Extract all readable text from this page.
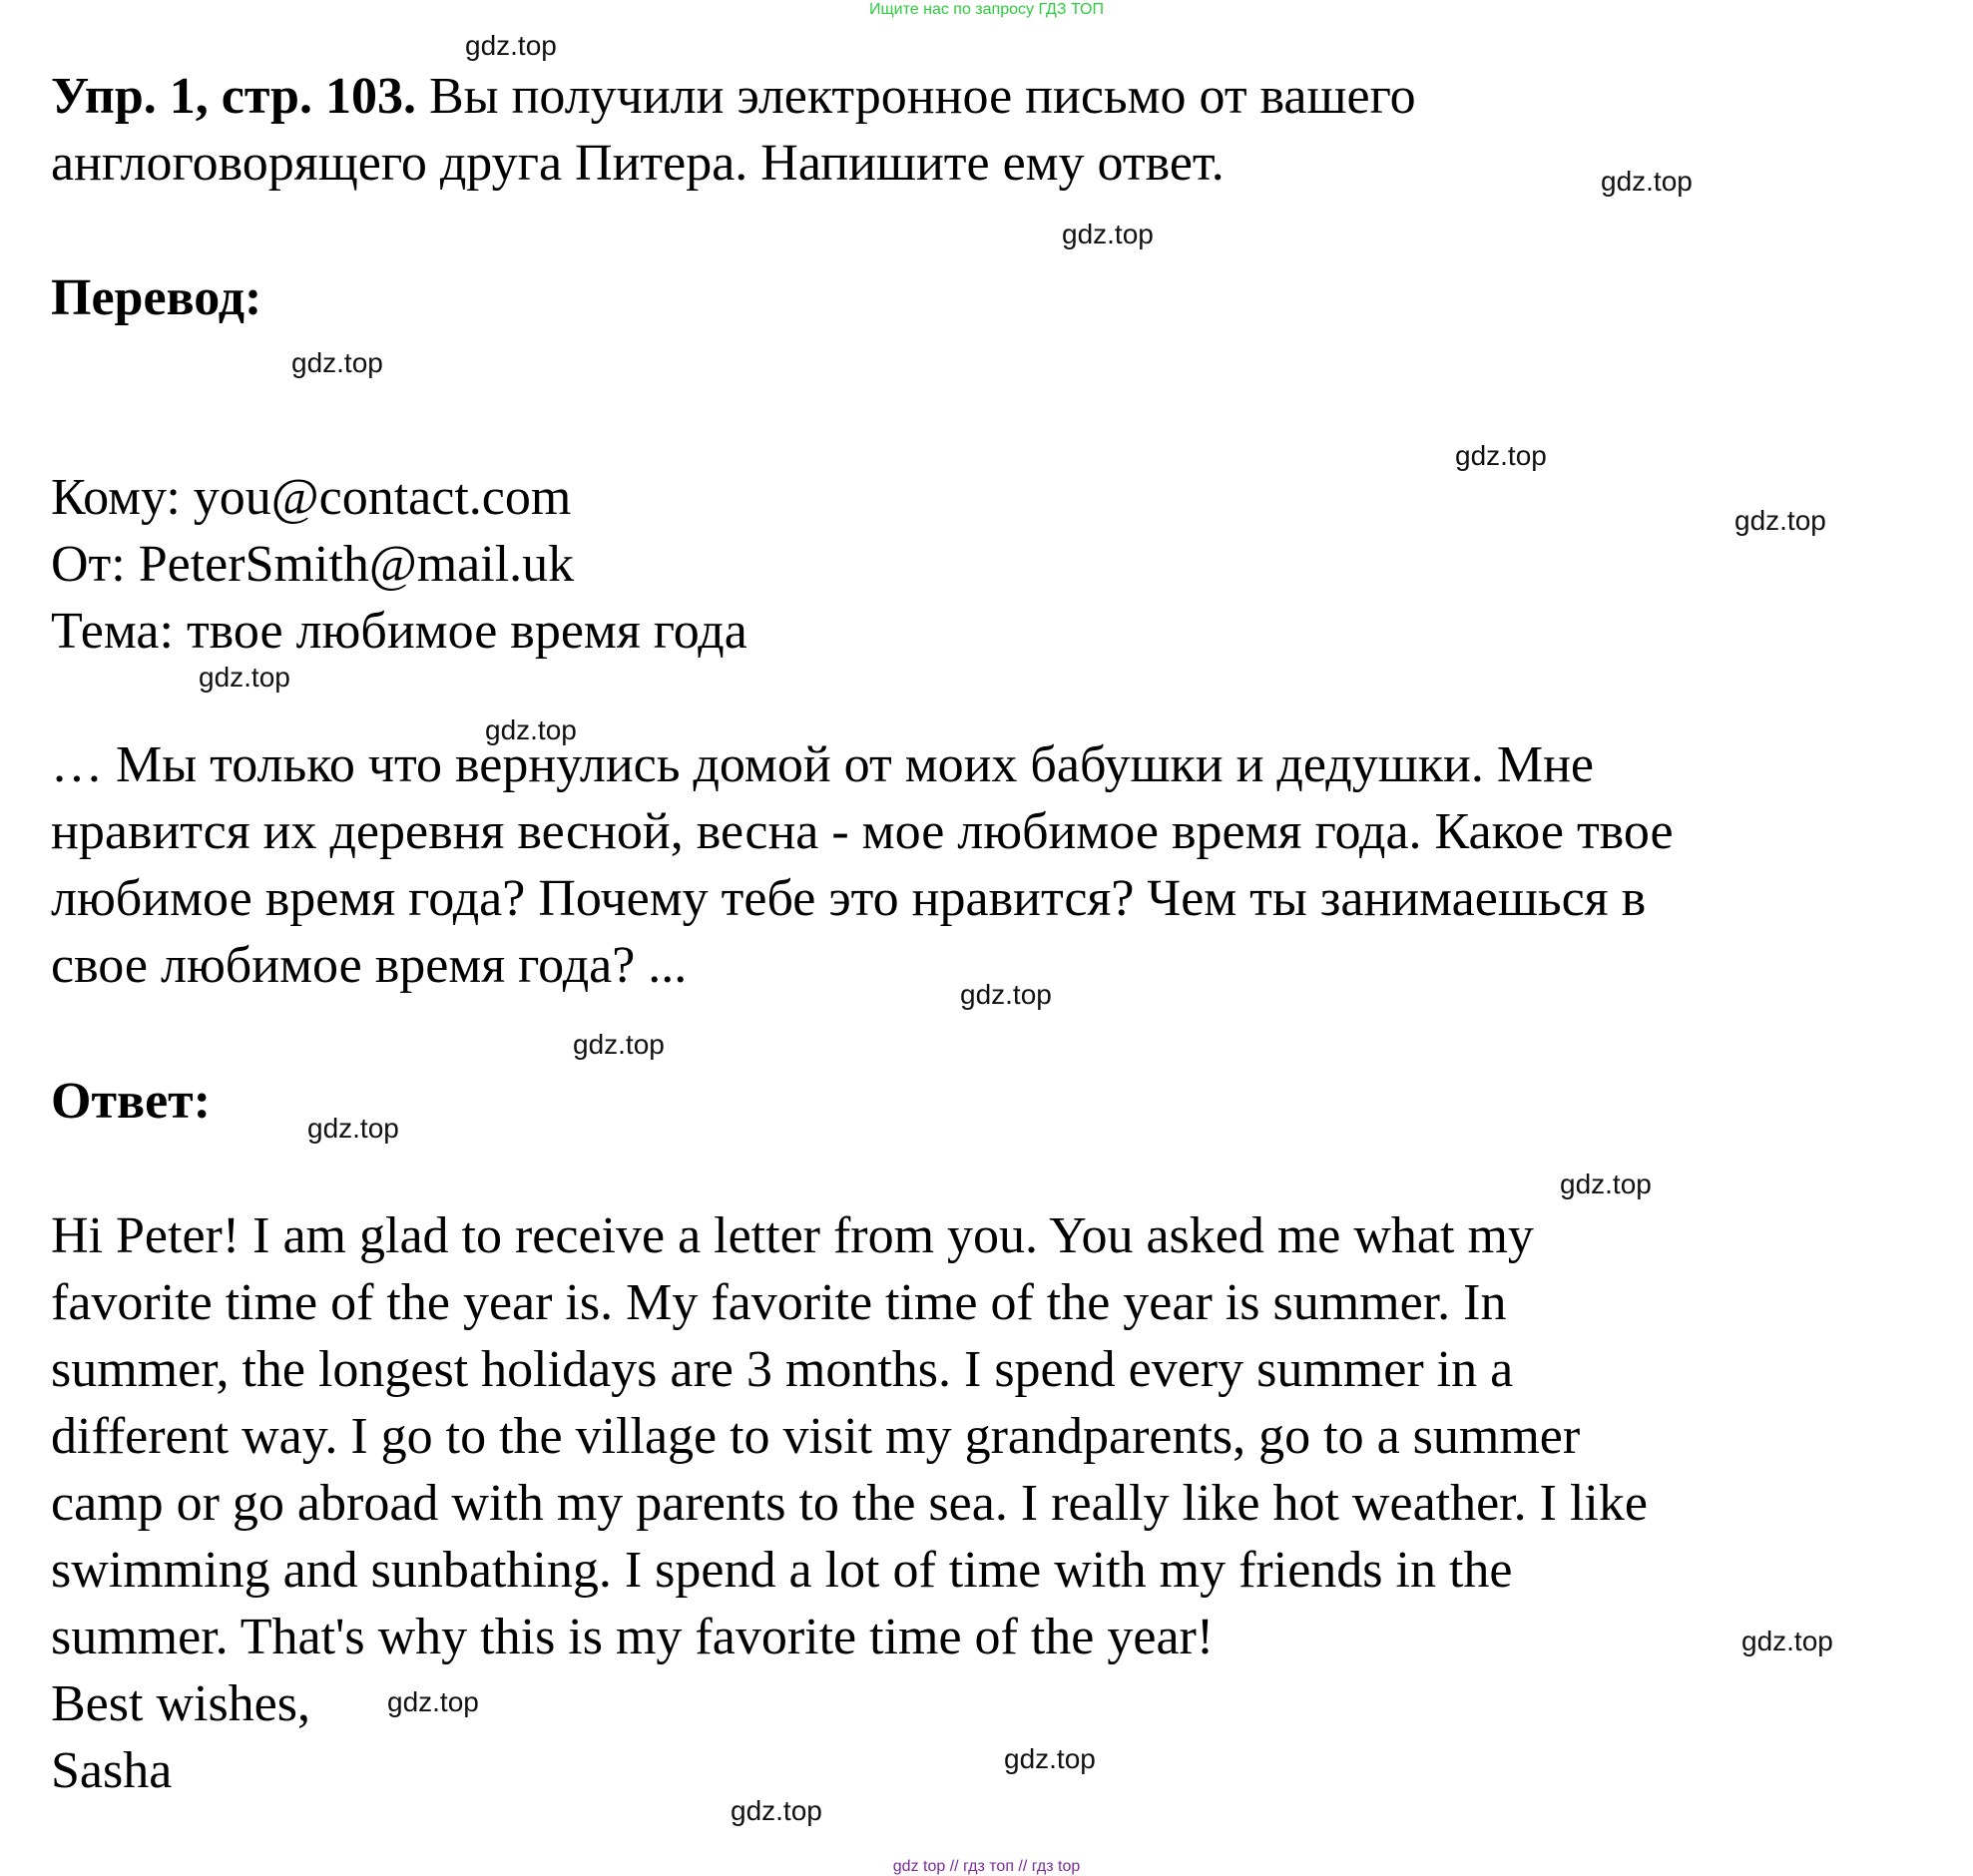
Ищите нас по запросу ГДЗ ТОП
Упр. 1, стр. 103. Вы получили электронное письмо от вашего
англоговорящего друга Питера. Напишите ему ответ.
Перевод:
Кому: you@contact.com
От: PeterSmith@mail.uk
Тема: твое любимое время года
… Мы только что вернулись домой от моих бабушки и дедушки. Мне
нравится их деревня весной, весна - мое любимое время года. Какое твое
любимое время года? Почему тебе это нравится? Чем ты занимаешься в
свое любимое время года? ...
Ответ:
Hi Peter! I am glad to receive a letter from you. You asked me what my
favorite time of the year is. My favorite time of the year is summer. In
summer, the longest holidays are 3 months. I spend every summer in a
different way. I go to the village to visit my grandparents, go to a summer
camp or go abroad with my parents to the sea. I really like hot weather. I like
swimming and sunbathing. I spend a lot of time with my friends in the
summer. That's why this is my favorite time of the year!
Best wishes,
Sasha
gdz.top
gdz.top
gdz.top
gdz.top
gdz.top
gdz.top
gdz.top
gdz.top
gdz.top
gdz.top
gdz.top
gdz.top
gdz.top
gdz.top
gdz.top
gdz.top
gdz top // гдз топ // гдз top
